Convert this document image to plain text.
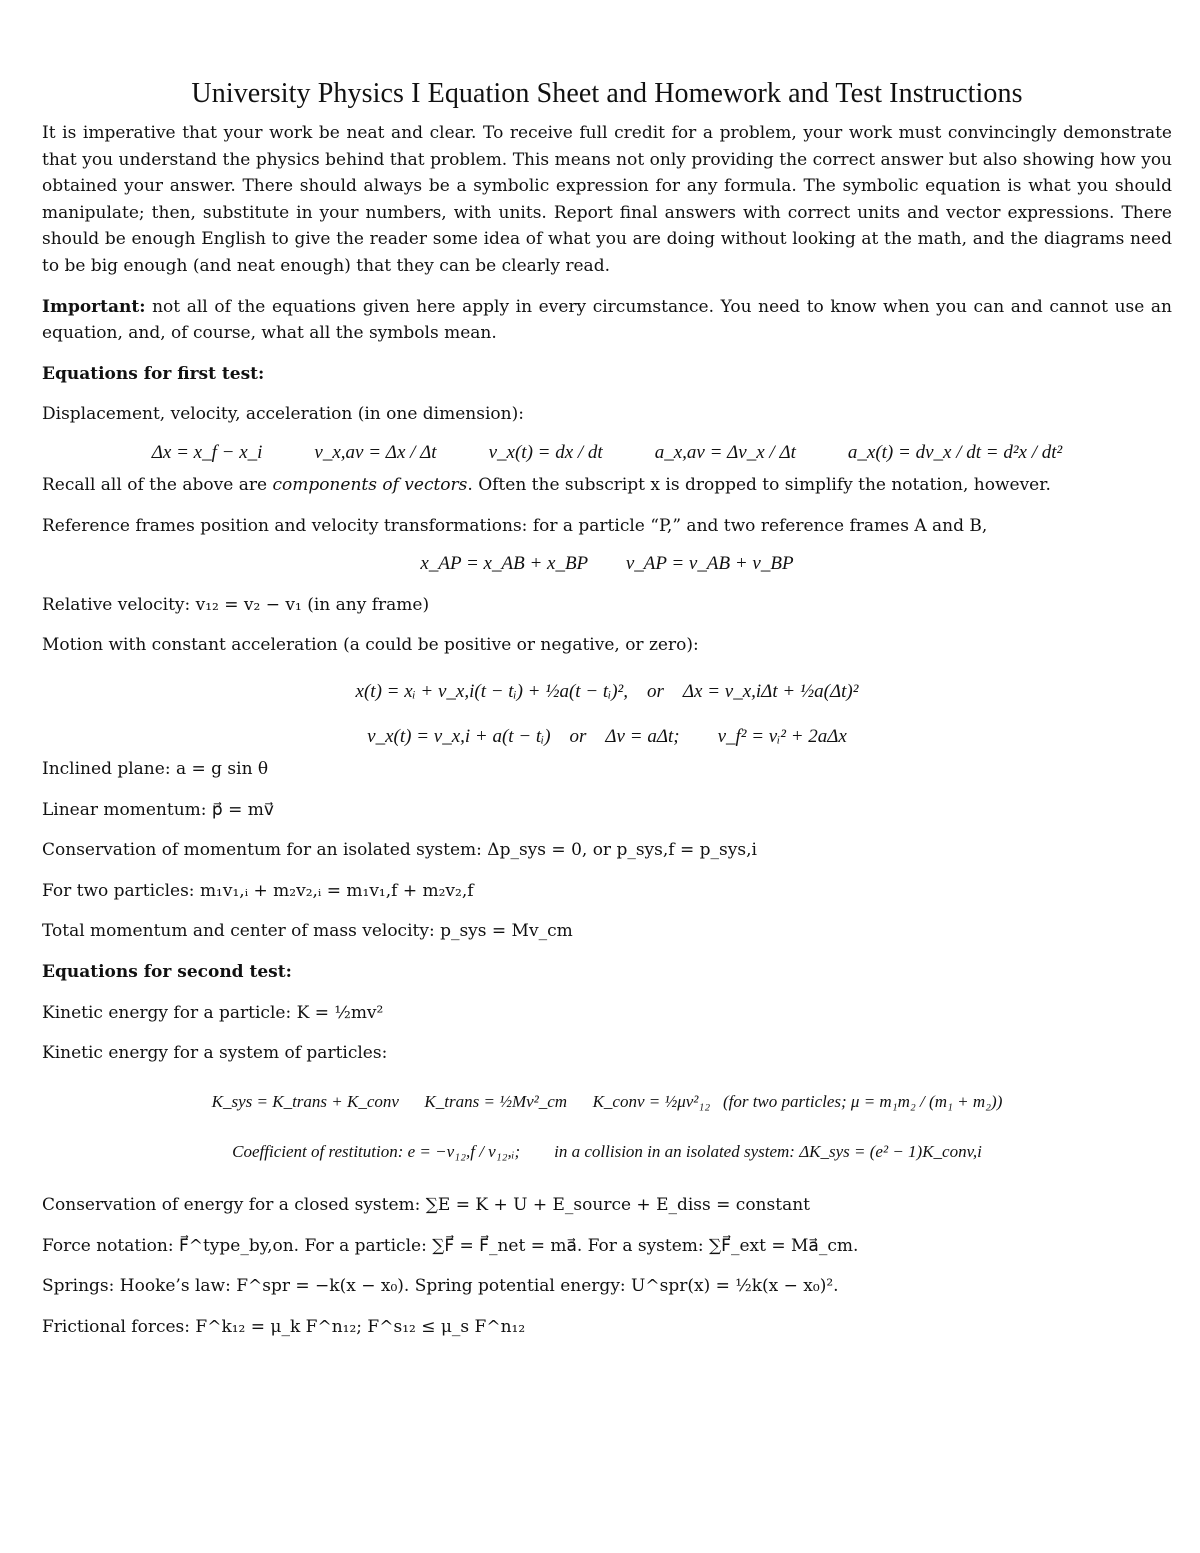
University Physics I Equation Sheet and Homework and Test Instructions

It is imperative that your work be neat and clear. To receive full credit for a problem, your work must convincingly demonstrate that you understand the physics behind that problem. This means not only providing the correct answer but also showing how you obtained your answer. There should always be a symbolic expression for any formula. The symbolic equation is what you should manipulate; then, substitute in your numbers, with units. Report final answers with correct units and vector expressions. There should be enough English to give the reader some idea of what you are doing without looking at the math, and the diagrams need to be big enough (and neat enough) that they can be clearly read.

Important: not all of the equations given here apply in every circumstance. You need to know when you can and cannot use an equation, and, of course, what all the symbols mean.

Equations for first test:

Displacement, velocity, acceleration (in one dimension):

Δx = x_f − x_i	v_x,av = Δx / Δt	v_x(t) = dx / dt	a_x,av = Δv_x / Δt	a_x(t) = dv_x / dt = d²x / dt²

Recall all of the above are components of vectors. Often the subscript x is dropped to simplify the notation, however.

Reference frames position and velocity transformations: for a particle “P,” and two reference frames A and B,

x_AP = x_AB + x_BP        v_AP = v_AB + v_BP

Relative velocity: v₁₂ = v₂ − v₁ (in any frame)

Motion with constant acceleration (a could be positive or negative, or zero):

x(t) = xᵢ + v_x,i(t − tᵢ) + ½a(t − tᵢ)²,    or    Δx = v_x,iΔt + ½a(Δt)²

v_x(t) = v_x,i + a(t − tᵢ)    or    Δv = aΔt;        v_f² = vᵢ² + 2aΔx

Inclined plane: a = g sin θ

Linear momentum: p⃗ = mv⃗

Conservation of momentum for an isolated system: Δp_sys = 0, or p_sys,f = p_sys,i

For two particles: m₁v₁,ᵢ + m₂v₂,ᵢ = m₁v₁,f + m₂v₂,f

Total momentum and center of mass velocity: p_sys = Mv_cm

Equations for second test:

Kinetic energy for a particle: K = ½mv²

Kinetic energy for a system of particles:

K_sys = K_trans + K_conv      K_trans = ½Mv²_cm      K_conv = ½μv²₁₂   (for two particles; μ = m₁m₂ / (m₁ + m₂))

Coefficient of restitution: e = −v₁₂,f / v₁₂,ᵢ;        in a collision in an isolated system: ΔK_sys = (e² − 1)K_conv,i

Conservation of energy for a closed system: ∑E = K + U + E_source + E_diss = constant

Force notation: F⃗^type_by,on. For a particle: ∑F⃗ = F⃗_net = ma⃗. For a system: ∑F⃗_ext = Ma⃗_cm.

Springs: Hooke’s law: F^spr = −k(x − x₀). Spring potential energy: U^spr(x) = ½k(x − x₀)².

Frictional forces: F^k₁₂ = μ_k F^n₁₂; F^s₁₂ ≤ μ_s F^n₁₂
